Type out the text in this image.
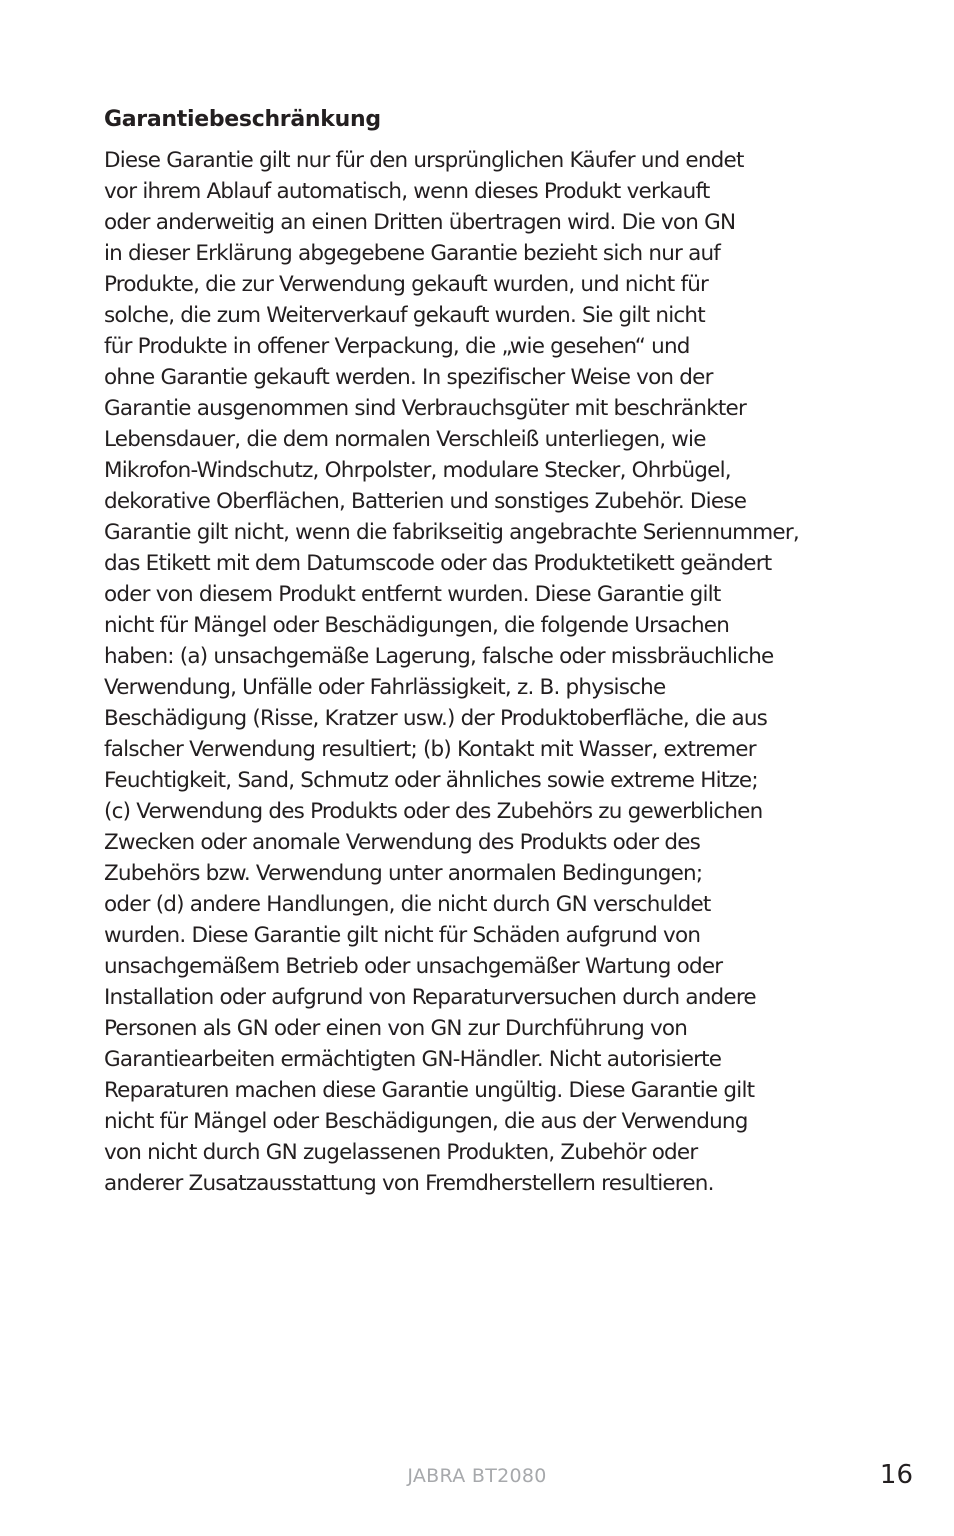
Garantiebeschränkung
Diese Garantie gilt nur für den ursprünglichen Käufer und endet
vor ihrem Ablauf automatisch, wenn dieses Produkt verkauft
oder anderweitig an einen Dritten übertragen wird. Die von GN
in dieser Erklärung abgegebene Garantie bezieht sich nur auf
Produkte, die zur Verwendung gekauft wurden, und nicht für
solche, die zum Weiterverkauf gekauft wurden. Sie gilt nicht
für Produkte in offener Verpackung, die „wie gesehen“ und
ohne Garantie gekauft werden. In spezifischer Weise von der
Garantie ausgenommen sind Verbrauchsgüter mit beschränkter
Lebensdauer, die dem normalen Verschleiß unterliegen, wie
Mikrofon-Windschutz, Ohrpolster, modulare Stecker, Ohrbügel,
dekorative Oberflächen, Batterien und sonstiges Zubehör. Diese
Garantie gilt nicht, wenn die fabrikseitig angebrachte Seriennummer,
das Etikett mit dem Datumscode oder das Produktetikett geändert
oder von diesem Produkt entfernt wurden. Diese Garantie gilt
nicht für Mängel oder Beschädigungen, die folgende Ursachen
haben: (a) unsachgemäße Lagerung, falsche oder missbräuchliche
Verwendung, Unfälle oder Fahrlässigkeit, z. B. physische
Beschädigung (Risse, Kratzer usw.) der Produktoberfläche, die aus
falscher Verwendung resultiert; (b) Kontakt mit Wasser, extremer
Feuchtigkeit, Sand, Schmutz oder ähnliches sowie extreme Hitze;
(c) Verwendung des Produkts oder des Zubehörs zu gewerblichen
Zwecken oder anomale Verwendung des Produkts oder des
Zubehörs bzw. Verwendung unter anormalen Bedingungen;
oder (d) andere Handlungen, die nicht durch GN verschuldet
wurden. Diese Garantie gilt nicht für Schäden aufgrund von
unsachgemäßem Betrieb oder unsachgemäßer Wartung oder
Installation oder aufgrund von Reparaturversuchen durch andere
Personen als GN oder einen von GN zur Durchführung von
Garantiearbeiten ermächtigten GN-Händler. Nicht autorisierte
Reparaturen machen diese Garantie ungültig. Diese Garantie gilt
nicht für Mängel oder Beschädigungen, die aus der Verwendung
von nicht durch GN zugelassenen Produkten, Zubehör oder
anderer Zusatzausstattung von Fremdherstellern resultieren.
JABRA BT2080	16
